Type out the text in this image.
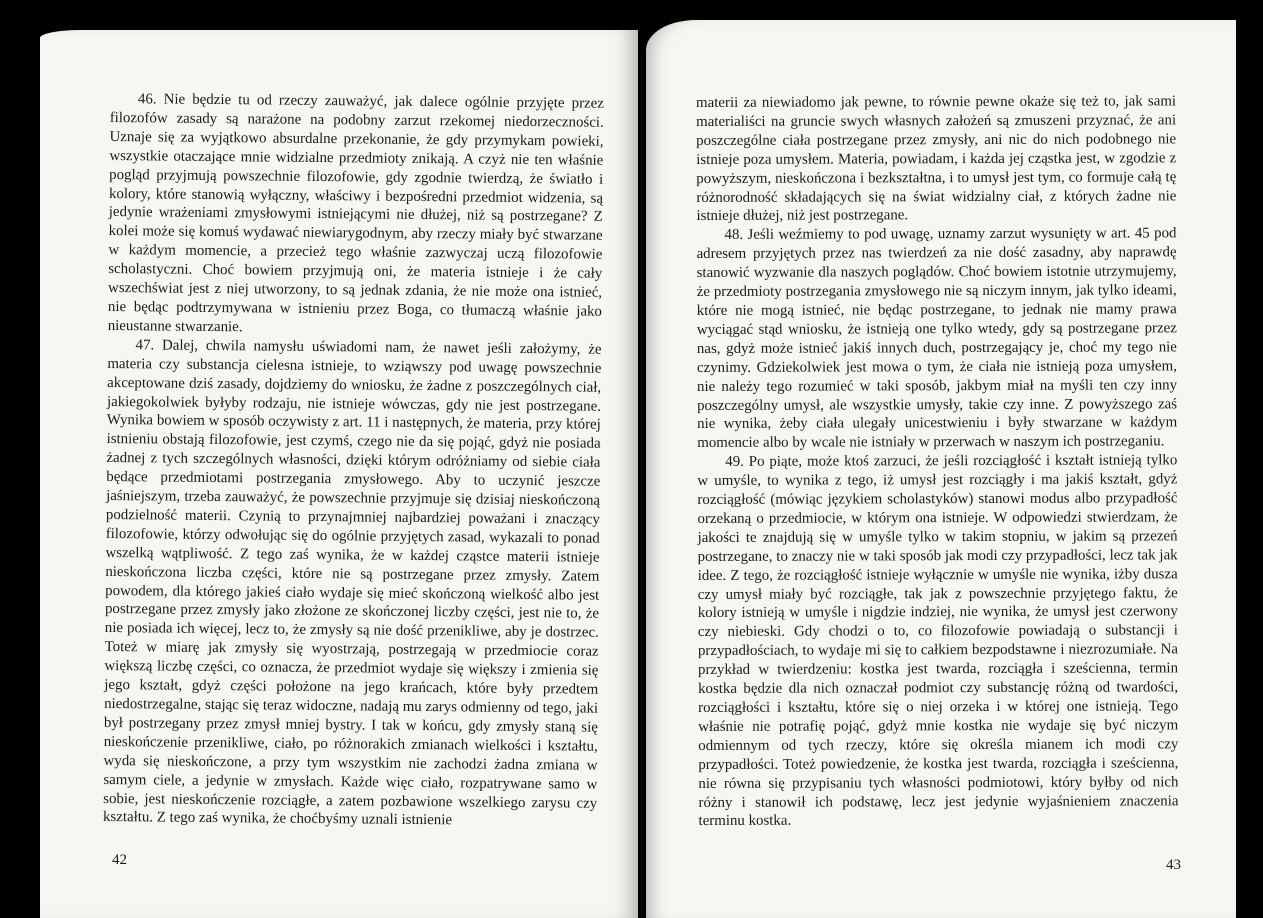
46. Nie będzie tu od rzeczy zauważyć, jak dalece ogólnie przyjęte przez filozofów zasady są narażone na podobny zarzut rzekomej niedorzeczności. Uznaje się za wyjątkowo absurdalne przekonanie, że gdy przymykam powieki, wszystkie otaczające mnie widzialne przedmioty znikają. A czyż nie ten właśnie pogląd przyjmują powszechnie filozofowie, gdy zgodnie twierdzą, że światło i kolory, które stanowią wyłączny, właściwy i bezpośredni przedmiot widzenia, są jedynie wrażeniami zmysłowymi istniejącymi nie dłużej, niż są postrzegane? Z kolei może się komuś wydawać niewiarygodnym, aby rzeczy miały być stwarzane w każdym momencie, a przecież tego właśnie zazwyczaj uczą filozofowie scholastyczni. Choć bowiem przyjmują oni, że materia istnieje i że cały wszechświat jest z niej utworzony, to są jednak zdania, że nie może ona istnieć, nie będąc podtrzymywana w istnieniu przez Boga, co tłumaczą właśnie jako nieustanne stwarzanie.

47. Dalej, chwila namysłu uświadomi nam, że nawet jeśli założymy, że materia czy substancja cielesna istnieje, to wziąwszy pod uwagę powszechnie akceptowane dziś zasady, dojdziemy do wniosku, że żadne z poszczególnych ciał, jakiegokolwiek byłyby rodzaju, nie istnieje wówczas, gdy nie jest postrzegane. Wynika bowiem w sposób oczywisty z art. 11 i następnych, że materia, przy której istnieniu obstają filozofowie, jest czymś, czego nie da się pojąć, gdyż nie posiada żadnej z tych szczególnych własności, dzięki którym odróżniamy od siebie ciała będące przedmiotami postrzegania zmysłowego. Aby to uczynić jeszcze jaśniejszym, trzeba zauważyć, że powszechnie przyjmuje się dzisiaj nieskończoną podzielność materii. Czynią to przynajmniej najbardziej poważani i znaczący filozofowie, którzy odwołując się do ogólnie przyjętych zasad, wykazali to ponad wszelką wątpliwość. Z tego zaś wynika, że w każdej cząstce materii istnieje nieskończona liczba części, które nie są postrzegane przez zmysły. Zatem powodem, dla którego jakieś ciało wydaje się mieć skończoną wielkość albo jest postrzegane przez zmysły jako złożone ze skończonej liczby części, jest nie to, że nie posiada ich więcej, lecz to, że zmysły są nie dość przenikliwe, aby je dostrzec. Toteż w miarę jak zmysły się wyostrzają, postrzegają w przedmiocie coraz większą liczbę części, co oznacza, że przedmiot wydaje się większy i zmienia się jego kształt, gdyż części położone na jego krańcach, które były przedtem niedostrzegalne, stając się teraz widoczne, nadają mu zarys odmienny od tego, jaki był postrzegany przez zmysł mniej bystry. I tak w końcu, gdy zmysły staną się nieskończenie przenikliwe, ciało, po różnorakich zmianach wielkości i kształtu, wyda się nieskończone, a przy tym wszystkim nie zachodzi żadna zmiana w samym ciele, a jedynie w zmysłach. Każde więc ciało, rozpatrywane samo w sobie, jest nieskończenie rozciągłe, a zatem pozbawione wszelkiego zarysu czy kształtu. Z tego zaś wynika, że choćbyśmy uznali istnienie

42

materii za niewiadomo jak pewne, to równie pewne okaże się też to, jak sami materialiści na gruncie swych własnych założeń są zmuszeni przyznać, że ani poszczególne ciała postrzegane przez zmysły, ani nic do nich podobnego nie istnieje poza umysłem. Materia, powiadam, i każda jej cząstka jest, w zgodzie z powyższym, nieskończona i bezkształtna, i to umysł jest tym, co formuje całą tę różnorodność składających się na świat widzialny ciał, z których żadne nie istnieje dłużej, niż jest postrzegane.

48. Jeśli weźmiemy to pod uwagę, uznamy zarzut wysunięty w art. 45 pod adresem przyjętych przez nas twierdzeń za nie dość zasadny, aby naprawdę stanowić wyzwanie dla naszych poglądów. Choć bowiem istotnie utrzymujemy, że przedmioty postrzegania zmysłowego nie są niczym innym, jak tylko ideami, które nie mogą istnieć, nie będąc postrzegane, to jednak nie mamy prawa wyciągać stąd wniosku, że istnieją one tylko wtedy, gdy są postrzegane przez nas, gdyż może istnieć jakiś innych duch, postrzegający je, choć my tego nie czynimy. Gdziekolwiek jest mowa o tym, że ciała nie istnieją poza umysłem, nie należy tego rozumieć w taki sposób, jakbym miał na myśli ten czy inny poszczególny umysł, ale wszystkie umysły, takie czy inne. Z powyższego zaś nie wynika, żeby ciała ulegały unicestwieniu i były stwarzane w każdym momencie albo by wcale nie istniały w przerwach w naszym ich postrzeganiu.

49. Po piąte, może ktoś zarzuci, że jeśli rozciągłość i kształt istnieją tylko w umyśle, to wynika z tego, iż umysł jest rozciągły i ma jakiś kształt, gdyż rozciągłość (mówiąc językiem scholastyków) stanowi modus albo przypadłość orzekaną o przedmiocie, w którym ona istnieje. W odpowiedzi stwierdzam, że jakości te znajdują się w umyśle tylko w takim stopniu, w jakim są przezeń postrzegane, to znaczy nie w taki sposób jak modi czy przypadłości, lecz tak jak idee. Z tego, że rozciągłość istnieje wyłącznie w umyśle nie wynika, iżby dusza czy umysł miały być rozciągłe, tak jak z powszechnie przyjętego faktu, że kolory istnieją w umyśle i nigdzie indziej, nie wynika, że umysł jest czerwony czy niebieski. Gdy chodzi o to, co filozofowie powiadają o substancji i przypadłościach, to wydaje mi się to całkiem bezpodstawne i niezrozumiałe. Na przykład w twierdzeniu: kostka jest twarda, rozciągła i sześcienna, termin kostka będzie dla nich oznaczał podmiot czy substancję różną od twardości, rozciągłości i kształtu, które się o niej orzeka i w której one istnieją. Tego właśnie nie potrafię pojąć, gdyż mnie kostka nie wydaje się być niczym odmiennym od tych rzeczy, które się określa mianem ich modi czy przypadłości. Toteż powiedzenie, że kostka jest twarda, rozciągła i sześcienna, nie równa się przypisaniu tych własności podmiotowi, który byłby od nich różny i stanowił ich podstawę, lecz jest jedynie wyjaśnieniem znaczenia terminu kostka.

43
